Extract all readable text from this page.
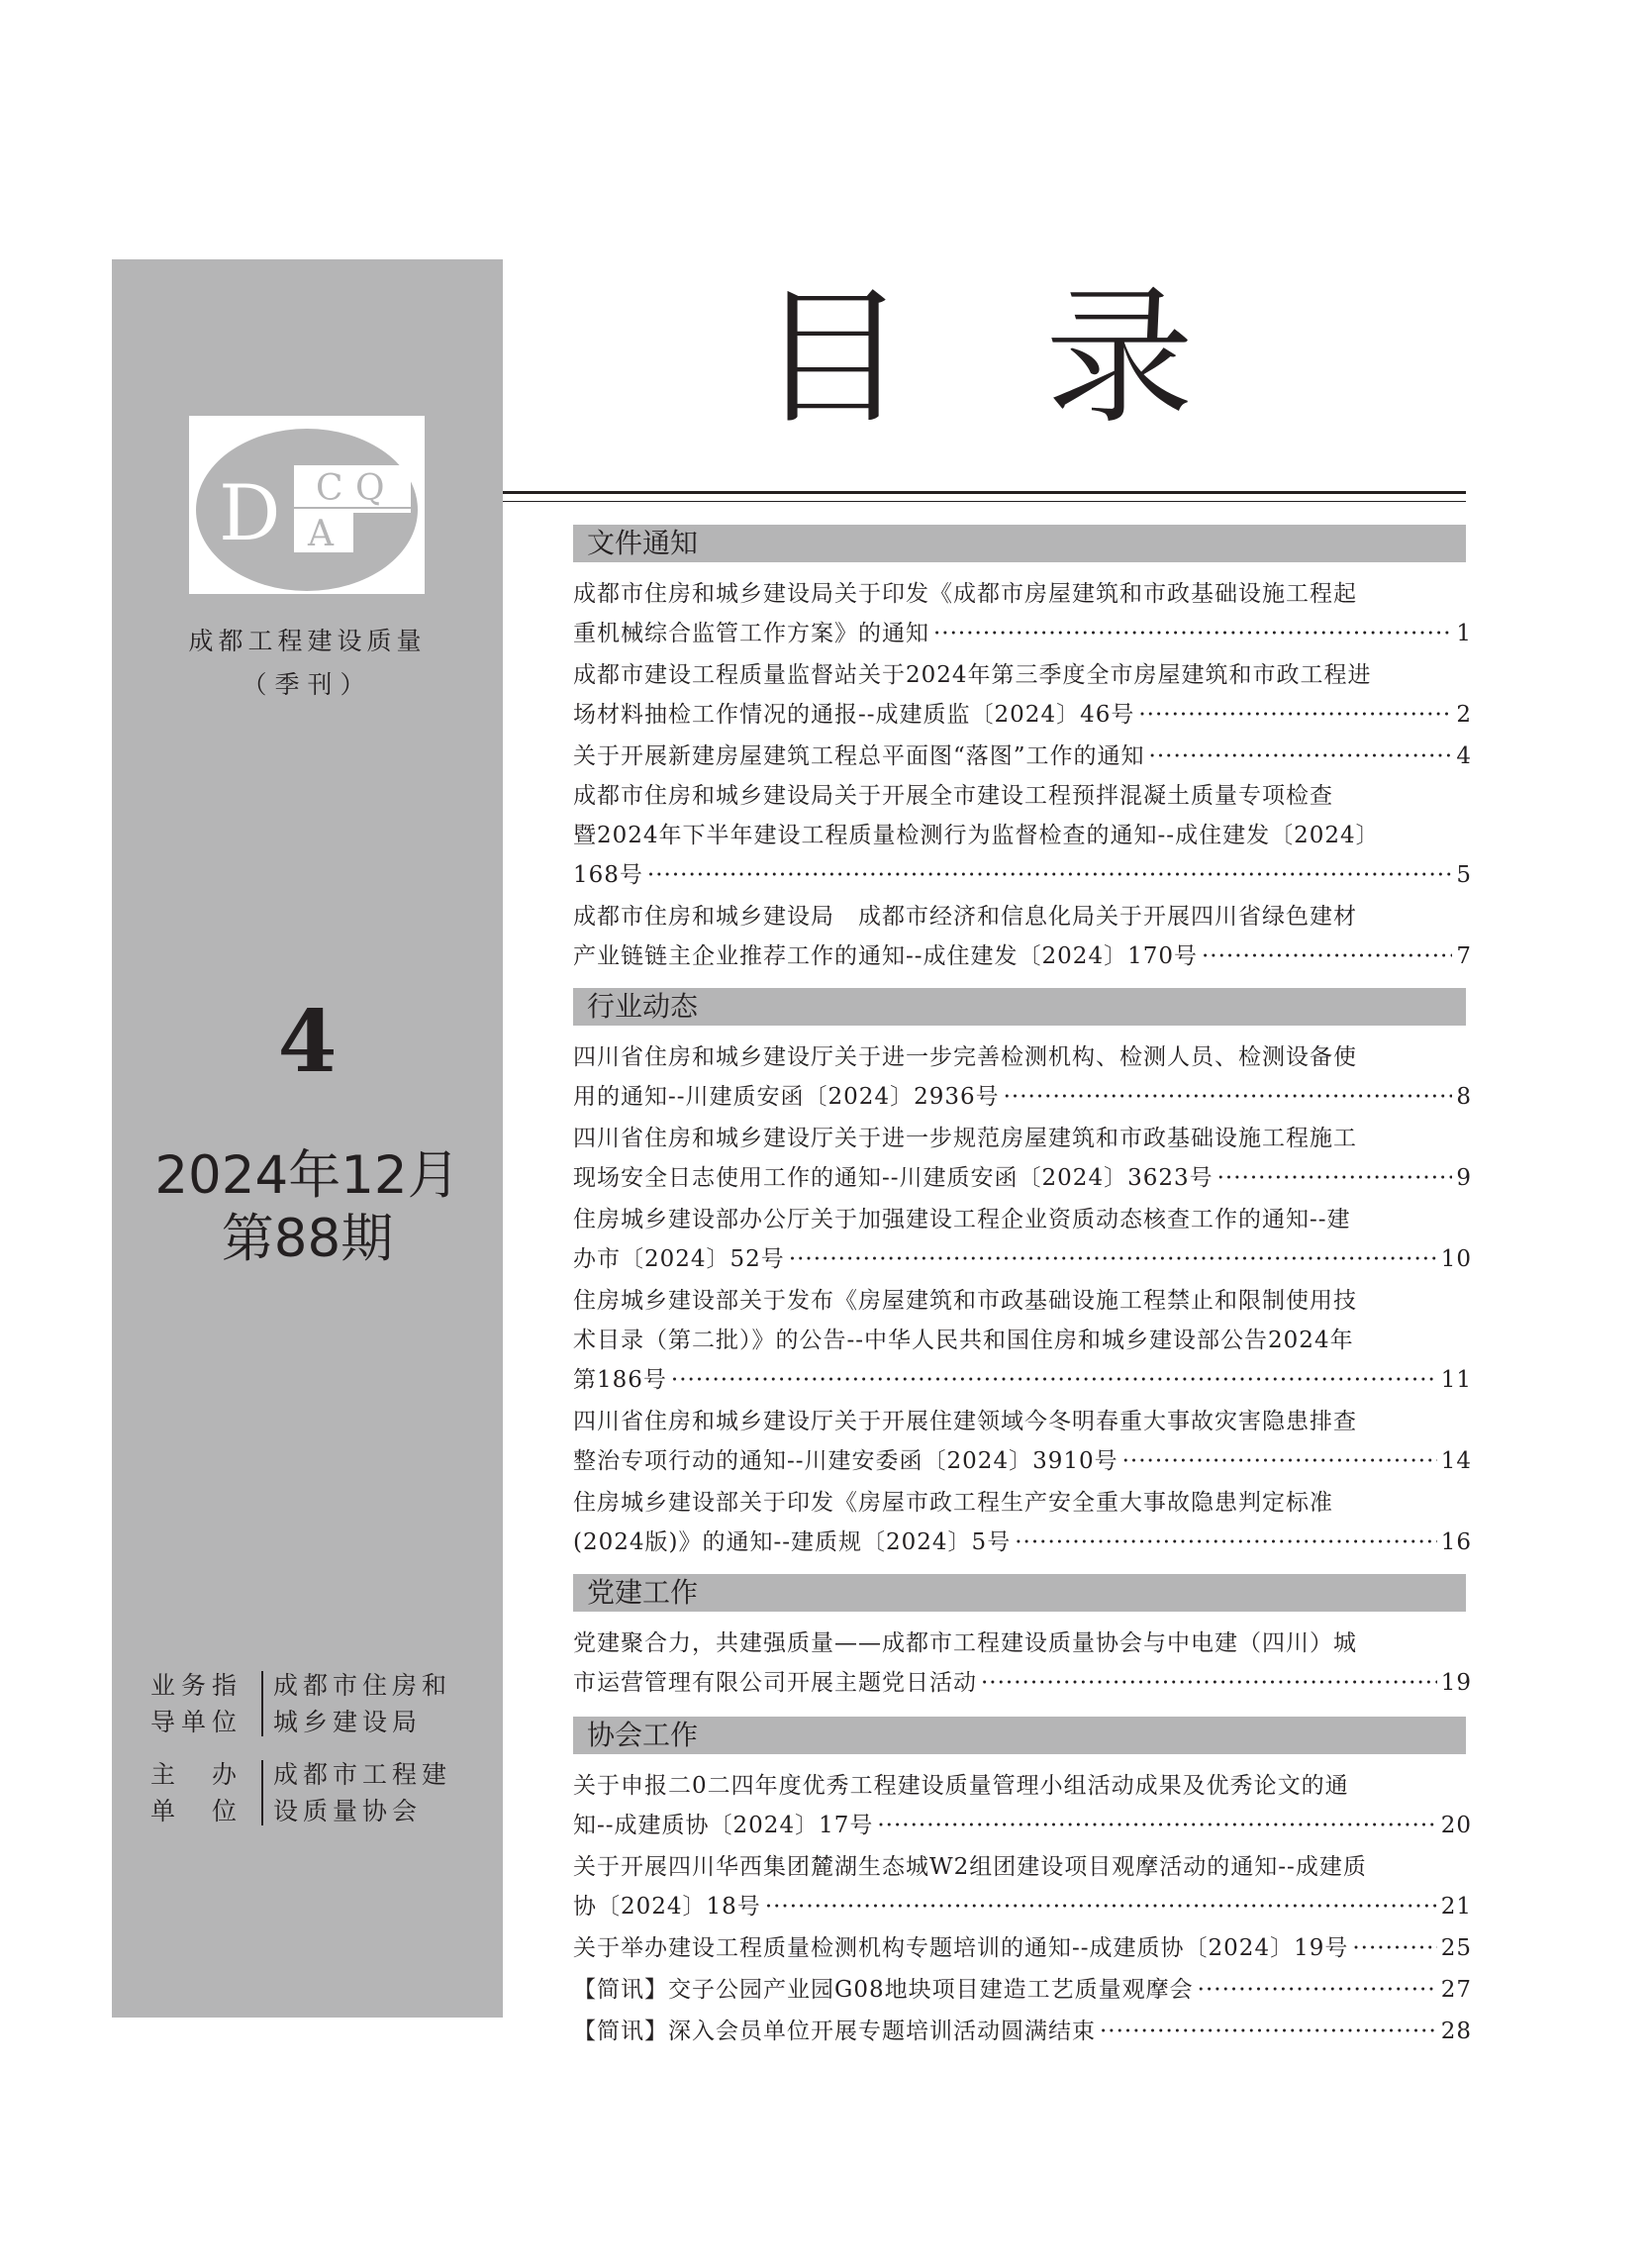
D C Q
A
成都工程建设质量
（季刊）
4
2024年12月
第88期
业务指
导单位
成都市住房和
城乡建设局
主　办
单　位
成都市工程建
设质量协会
目录
文件通知
成都市住房和城乡建设局关于印发《成都市房屋建筑和市政基础设施工程起
重机械综合监管工作方案》的通知 ·····	1
成都市建设工程质量监督站关于2024年第三季度全市房屋建筑和市政工程进
场材料抽检工作情况的通报--成建质监〔2024〕46号 ·····	2
关于开展新建房屋建筑工程总平面图“落图”工作的通知 ·····	4
成都市住房和城乡建设局关于开展全市建设工程预拌混凝土质量专项检查
暨2024年下半年建设工程质量检测行为监督检查的通知--成住建发〔2024〕
168号 ·····	5
成都市住房和城乡建设局　成都市经济和信息化局关于开展四川省绿色建材
产业链链主企业推荐工作的通知--成住建发〔2024〕170号 ·····	7
行业动态
四川省住房和城乡建设厅关于进一步完善检测机构、检测人员、检测设备使
用的通知--川建质安函〔2024〕2936号 ·····	8
四川省住房和城乡建设厅关于进一步规范房屋建筑和市政基础设施工程施工
现场安全日志使用工作的通知--川建质安函〔2024〕3623号 ·····	9
住房城乡建设部办公厅关于加强建设工程企业资质动态核查工作的通知--建
办市〔2024〕52号 ·····	10
住房城乡建设部关于发布《房屋建筑和市政基础设施工程禁止和限制使用技
术目录（第二批）》的公告--中华人民共和国住房和城乡建设部公告2024年
第186号 ·····	11
四川省住房和城乡建设厅关于开展住建领域今冬明春重大事故灾害隐患排查
整治专项行动的通知--川建安委函〔2024〕3910号 ·····	14
住房城乡建设部关于印发《房屋市政工程生产安全重大事故隐患判定标准
(2024版)》的通知--建质规〔2024〕5号 ·····	16
党建工作
党建聚合力，共建强质量——成都市工程建设质量协会与中电建（四川）城
市运营管理有限公司开展主题党日活动 ·····	19
协会工作
关于申报二0二四年度优秀工程建设质量管理小组活动成果及优秀论文的通
知--成建质协〔2024〕17号 ·····	20
关于开展四川华西集团麓湖生态城W2组团建设项目观摩活动的通知--成建质
协〔2024〕18号 ·····	21
关于举办建设工程质量检测机构专题培训的通知--成建质协〔2024〕19号 ·····	25
【简讯】交子公园产业园G08地块项目建造工艺质量观摩会 ·····	27
【简讯】深入会员单位开展专题培训活动圆满结束 ·····	28
